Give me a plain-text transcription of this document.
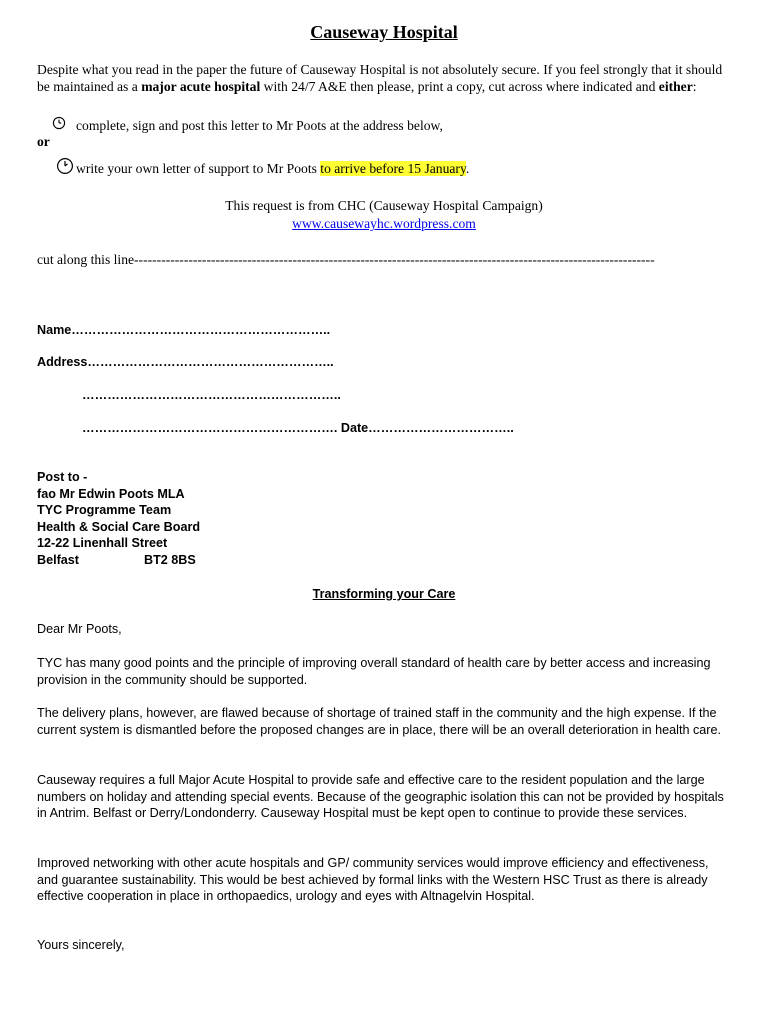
Causeway Hospital
Despite what you read in the paper the future of Causeway Hospital is not absolutely secure. If you feel strongly that it should be maintained as a major acute hospital with 24/7 A&E then please, print a copy, cut across where indicated and either:
complete, sign and post this letter to Mr Poots at the address below,
or
write your own letter of support to Mr Poots to arrive before 15 January.
This request is from CHC (Causeway Hospital Campaign)
www.causewayhc.wordpress.com
cut along this line-------------------------------------------------------------------------------------------------------------------
Name……………………………………………………..
Address…………………………………………………..
……………………………………………………..
……………………………………………………. Date……………………………..
Post to -
fao Mr Edwin Poots MLA
TYC Programme Team
Health & Social Care Board
12-22 Linenhall Street
Belfast	BT2 8BS
Transforming your Care
Dear Mr Poots,
TYC has many good points and the principle of improving overall standard of health care by better access and increasing provision in the community should be supported.
The delivery plans, however, are flawed because of shortage of trained staff in the community and the high expense. If the current system is dismantled before the proposed changes are in place, there will be an overall deterioration in health care.
Causeway requires a full Major Acute Hospital to provide safe and effective care to the resident population and the large numbers on holiday and attending special events. Because of the geographic isolation this can not be provided by hospitals in Antrim. Belfast or Derry/Londonderry. Causeway Hospital must be kept open to continue to provide these services.
Improved networking with other acute hospitals and GP/ community services would improve efficiency and effectiveness, and guarantee sustainability. This would be best achieved by formal links with the Western HSC Trust as there is already effective cooperation in place in orthopaedics, urology and eyes with Altnagelvin Hospital.
Yours sincerely,
